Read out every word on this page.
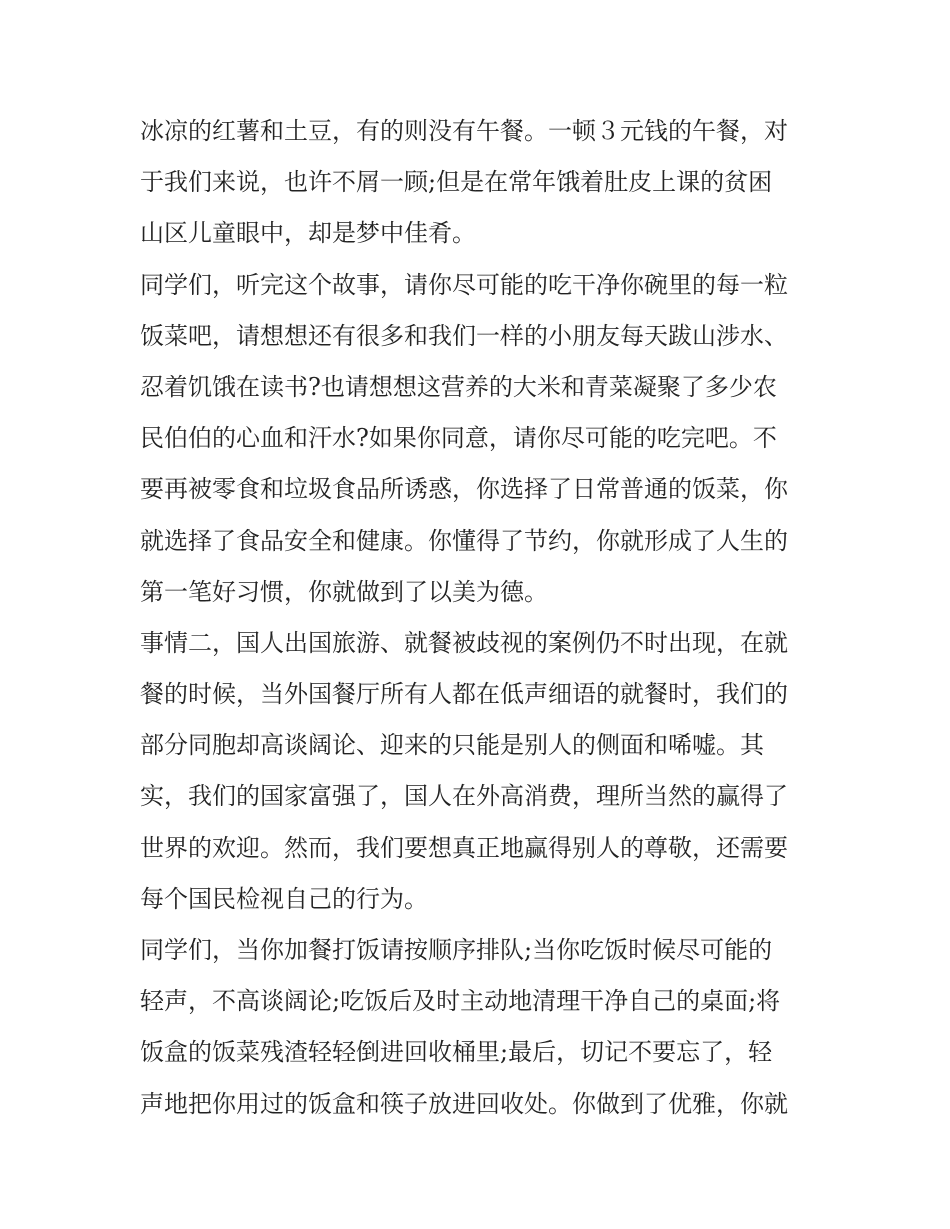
冰凉的红薯和土豆，有的则没有午餐。一顿３元钱的午餐，对

于我们来说，也许不屑一顾;但是在常年饿着肚皮上课的贫困

山区儿童眼中，却是梦中佳肴。

同学们，听完这个故事，请你尽可能的吃干净你碗里的每一粒

饭菜吧，请想想还有很多和我们一样的小朋友每天跋山涉水、

忍着饥饿在读书?也请想想这营养的大米和青菜凝聚了多少农

民伯伯的心血和汗水?如果你同意，请你尽可能的吃完吧。不

要再被零食和垃圾食品所诱惑，你选择了日常普通的饭菜，你

就选择了食品安全和健康。你懂得了节约，你就形成了人生的

第一笔好习惯，你就做到了以美为德。

事情二，国人出国旅游、就餐被歧视的案例仍不时出现，在就

餐的时候，当外国餐厅所有人都在低声细语的就餐时，我们的

部分同胞却高谈阔论、迎来的只能是别人的侧面和唏嘘。其

实，我们的国家富强了，国人在外高消费，理所当然的赢得了

世界的欢迎。然而，我们要想真正地赢得别人的尊敬，还需要

每个国民检视自己的行为。

同学们，当你加餐打饭请按顺序排队;当你吃饭时候尽可能的

轻声，不高谈阔论;吃饭后及时主动地清理干净自己的桌面;将

饭盒的饭菜残渣轻轻倒进回收桶里;最后，切记不要忘了，轻

声地把你用过的饭盒和筷子放进回收处。你做到了优雅，你就
